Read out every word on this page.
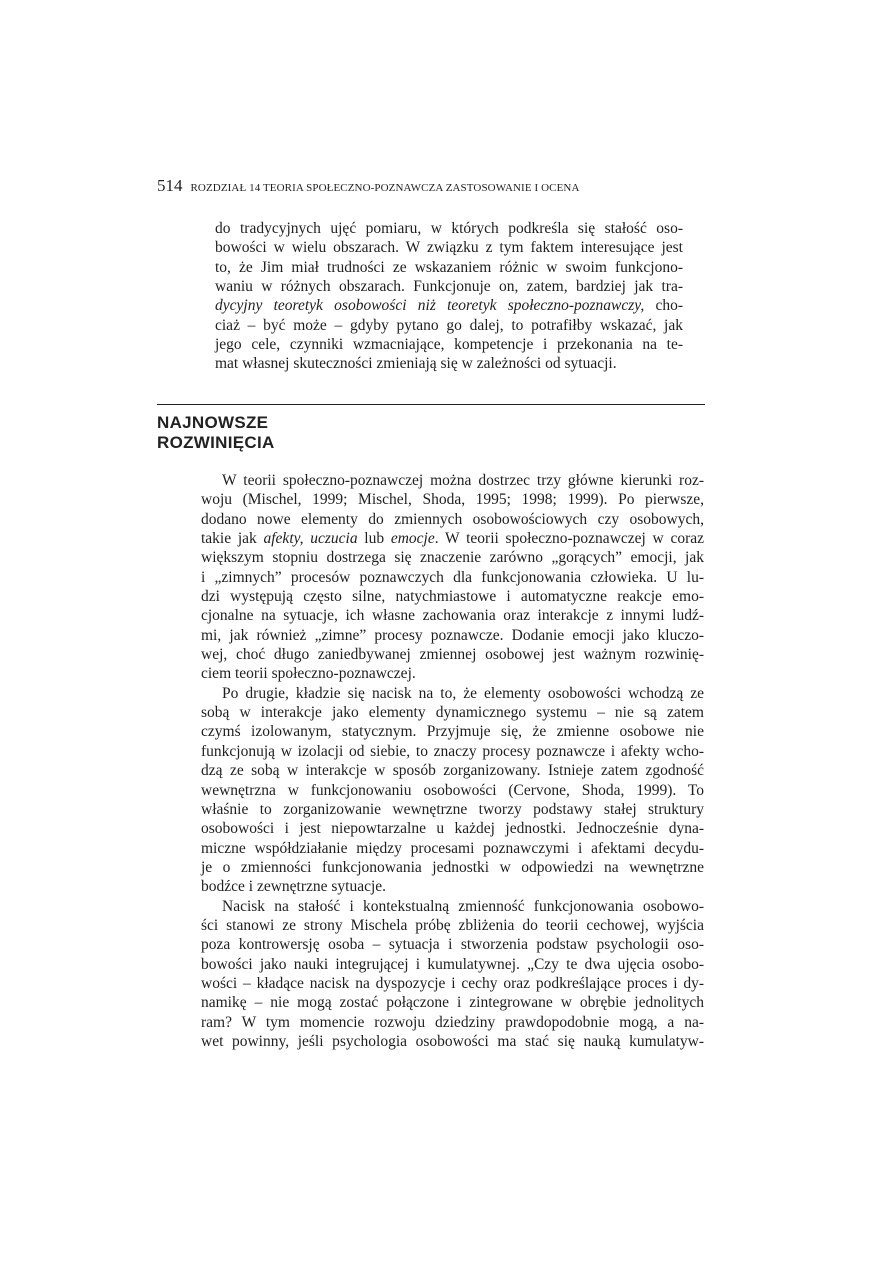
514 ROZDZIAŁ 14 TEORIA SPOŁECZNO-POZNAWCZA ZASTOSOWANIE I OCENA
do tradycyjnych ujęć pomiaru, w których podkreśla się stałość oso-
bowości w wielu obszarach. W związku z tym faktem interesujące jest
to, że Jim miał trudności ze wskazaniem różnic w swoim funkcjono-
waniu w różnych obszarach. Funkcjonuje on, zatem, bardziej jak tra-
dycyjny teoretyk osobowości niż teoretyk społeczno-poznawczy, cho-
ciaż – być może – gdyby pytano go dalej, to potrafiłby wskazać, jak
jego cele, czynniki wzmacniające, kompetencje i przekonania na te-
mat własnej skuteczności zmieniają się w zależności od sytuacji.
NAJNOWSZE
ROZWINIĘCIA
W teorii społeczno-poznawczej można dostrzec trzy główne kierunki roz-
woju (Mischel, 1999; Mischel, Shoda, 1995; 1998; 1999). Po pierwsze,
dodano nowe elementy do zmiennych osobowościowych czy osobowych,
takie jak afekty, uczucia lub emocje. W teorii społeczno-poznawczej w coraz
większym stopniu dostrzega się znaczenie zarówno „gorących” emocji, jak
i „zimnych” procesów poznawczych dla funkcjonowania człowieka. U lu-
dzi występują często silne, natychmiastowe i automatyczne reakcje emo-
cjonalne na sytuacje, ich własne zachowania oraz interakcje z innymi ludź-
mi, jak również „zimne” procesy poznawcze. Dodanie emocji jako kluczo-
wej, choć długo zaniedbywanej zmiennej osobowej jest ważnym rozwinię-
ciem teorii społeczno-poznawczej.
Po drugie, kładzie się nacisk na to, że elementy osobowości wchodzą ze
sobą w interakcje jako elementy dynamicznego systemu – nie są zatem
czymś izolowanym, statycznym. Przyjmuje się, że zmienne osobowe nie
funkcjonują w izolacji od siebie, to znaczy procesy poznawcze i afekty wcho-
dzą ze sobą w interakcje w sposób zorganizowany. Istnieje zatem zgodność
wewnętrzna w funkcjonowaniu osobowości (Cervone, Shoda, 1999). To
właśnie to zorganizowanie wewnętrzne tworzy podstawy stałej struktury
osobowości i jest niepowtarzalne u każdej jednostki. Jednocześnie dyna-
miczne współdziałanie między procesami poznawczymi i afektami decydu-
je o zmienności funkcjonowania jednostki w odpowiedzi na wewnętrzne
bodźce i zewnętrzne sytuacje.
Nacisk na stałość i kontekstualną zmienność funkcjonowania osobowo-
ści stanowi ze strony Mischela próbę zbliżenia do teorii cechowej, wyjścia
poza kontrowersję osoba – sytuacja i stworzenia podstaw psychologii oso-
bowości jako nauki integrującej i kumulatywnej. „Czy te dwa ujęcia osobo-
wości – kładące nacisk na dyspozycje i cechy oraz podkreślające proces i dy-
namikę – nie mogą zostać połączone i zintegrowane w obrębie jednolitych
ram? W tym momencie rozwoju dziedziny prawdopodobnie mogą, a na-
wet powinny, jeśli psychologia osobowości ma stać się nauką kumulatyw-
